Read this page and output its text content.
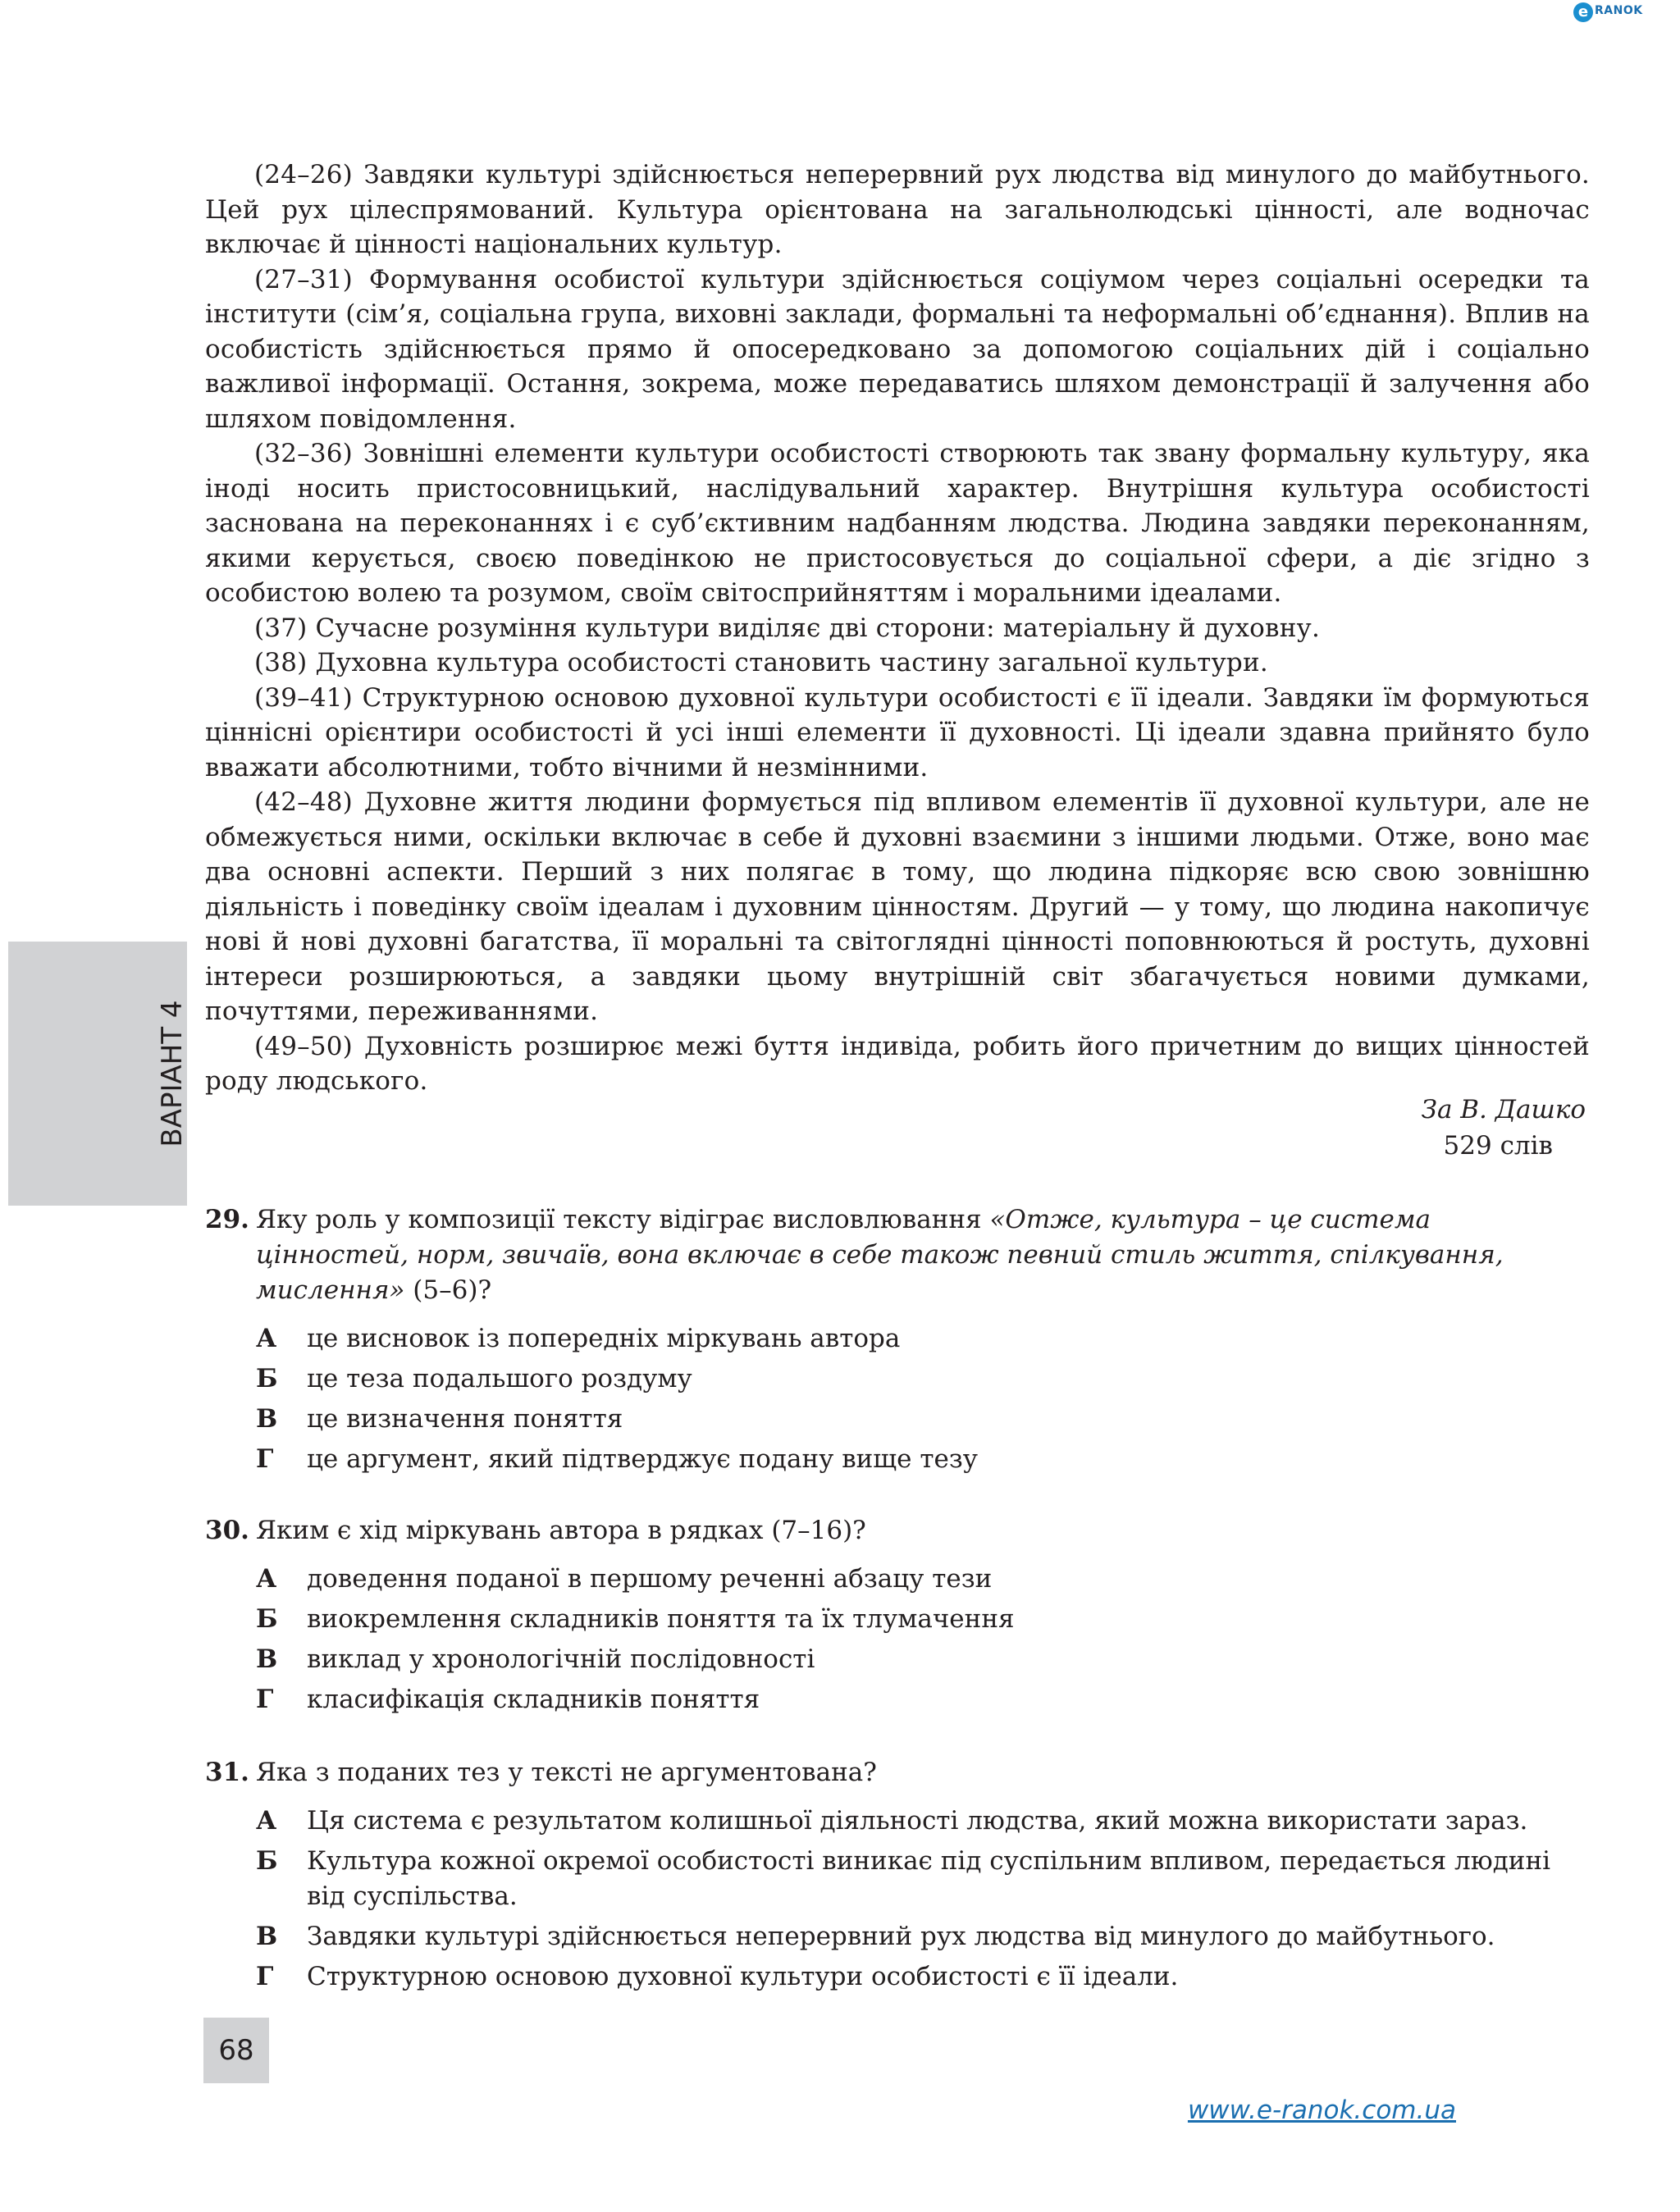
e RANOK
ВАРІАНТ 4

(24–26) Завдяки культурі здійснюється неперервний рух людства від минулого до майбутнього. Цей рух цілеспрямований. Культура орієнтована на загальнолюдські цінності, але водночас включає й цінності національних культур.

(27–31) Формування особистої культури здійснюється соціумом через соціальні осередки та інститути (сім’я, соціальна група, виховні заклади, формальні та неформальні об’єднання). Вплив на особистість здійснюється прямо й опосередковано за допомогою соціальних дій і соціально важливої інформації. Остання, зокрема, може передаватись шляхом демонстрації й залучення або шляхом повідомлення.

(32–36) Зовнішні елементи культури особистості створюють так звану формальну культуру, яка іноді носить пристосовницький, наслідувальний характер. Внутрішня культура особистості заснована на переконаннях і є суб’єктивним надбанням людства. Людина завдяки переконанням, якими керується, своєю поведінкою не пристосовується до соціальної сфери, а діє згідно з особистою волею та розумом, своїм світосприйняттям і моральними ідеалами.

(37) Сучасне розуміння культури виділяє дві сторони: матеріальну й духовну.

(38) Духовна культура особистості становить частину загальної культури.

(39–41) Структурною основою духовної культури особистості є її ідеали. Завдяки їм формуються ціннісні орієнтири особистості й усі інші елементи її духовності. Ці ідеали здавна прийнято було вважати абсолютними, тобто вічними й незмінними.

(42–48) Духовне життя людини формується під впливом елементів її духовної культури, але не обмежується ними, оскільки включає в себе й духовні взаємини з іншими людьми. Отже, воно має два основні аспекти. Перший з них полягає в тому, що людина підкоряє всю свою зовнішню діяльність і поведінку своїм ідеалам і духовним цінностям. Другий — у тому, що людина накопичує нові й нові духовні багатства, її моральні та світоглядні цінності поповнюються й ростуть, духовні інтереси розширюються, а завдяки цьому внутрішній світ збагачується новими думками, почуттями, переживаннями.

(49–50) Духовність розширює межі буття індивіда, робить його причетним до вищих цінностей роду людського.

За В. Дашко
529 слів
29. Яку роль у композиції тексту відіграє висловлювання «Отже, культура – це система цінностей, норм, звичаїв, вона включає в себе також певний стиль життя, спілкування, мислення» (5–6)?
А це висновок із попередніх міркувань автора
Б це теза подальшого роздуму
В це визначення поняття
Г це аргумент, який підтверджує подану вище тезу
30. Яким є хід міркувань автора в рядках (7–16)?
А доведення поданої в першому реченні абзацу тези
Б виокремлення складників поняття та їх тлумачення
В виклад у хронологічній послідовності
Г класифікація складників поняття
31. Яка з поданих тез у тексті не аргументована?
А Ця система є результатом колишньої діяльності людства, який можна використати зараз.
Б Культура кожної окремої особистості виникає під суспільним впливом, передається людині від суспільства.
В Завдяки культурі здійснюється неперервний рух людства від минулого до майбутнього.
Г Структурною основою духовної культури особистості є її ідеали.
68
www.e-ranok.com.ua
